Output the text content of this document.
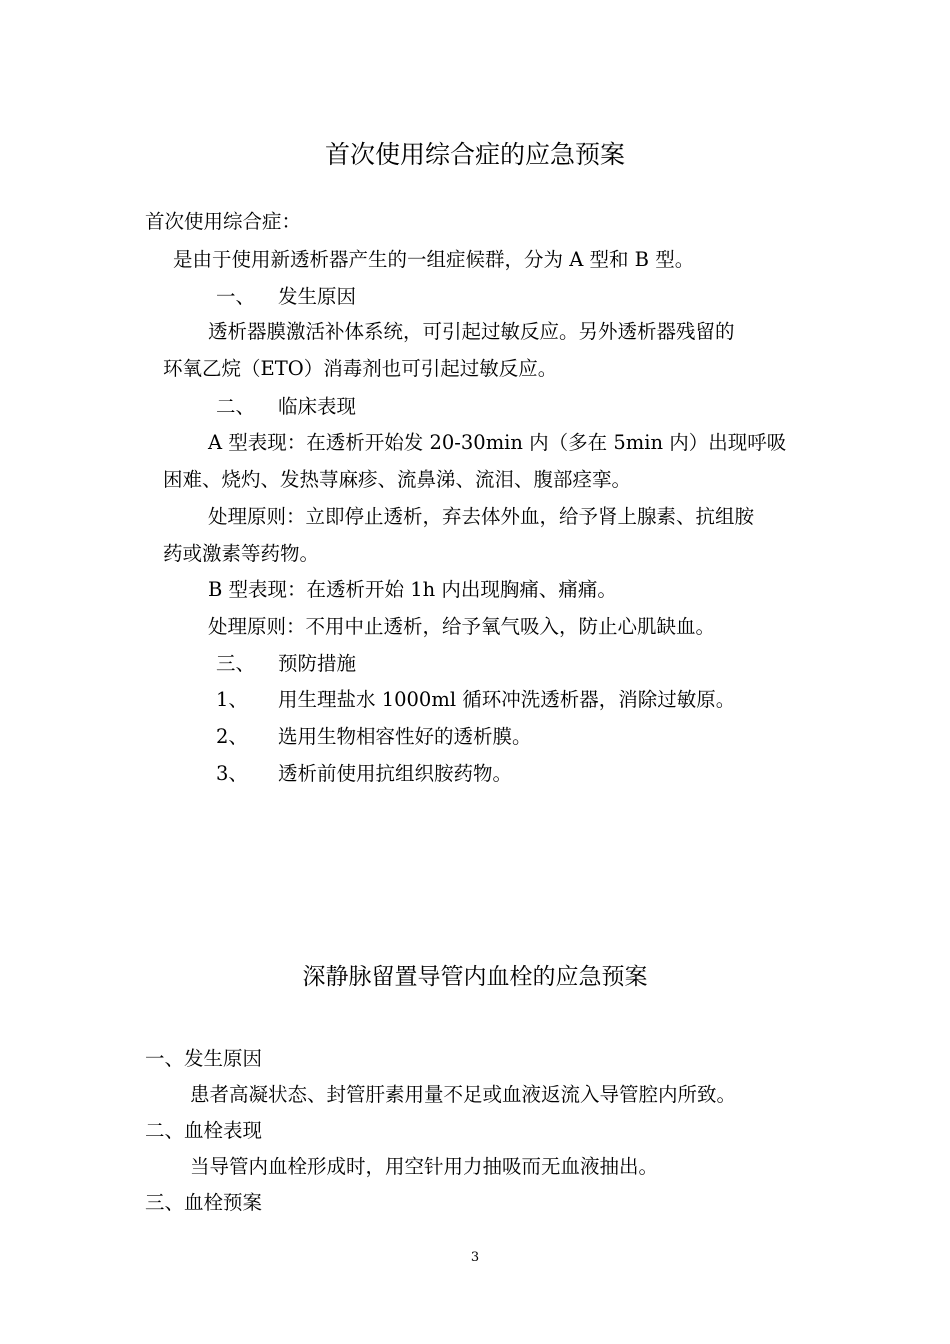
首次使用综合症的应急预案
首次使用综合症：
是由于使用新透析器产生的一组症候群，分为 A 型和 B 型。
一、 发生原因
透析器膜激活补体系统，可引起过敏反应。另外透析器残留的
环氧乙烷（ETO）消毒剂也可引起过敏反应。
二、 临床表现
A 型表现：在透析开始发 20-30min 内（多在 5min 内）出现呼吸
困难、烧灼、发热荨麻疹、流鼻涕、流泪、腹部痉挛。
处理原则：立即停止透析，弃去体外血，给予肾上腺素、抗组胺
药或激素等药物。
B 型表现：在透析开始 1h 内出现胸痛、痛痛。
处理原则：不用中止透析，给予氧气吸入，防止心肌缺血。
三、 预防措施
1、 用生理盐水 1000ml 循环冲洗透析器，消除过敏原。
2、 选用生物相容性好的透析膜。
3、 透析前使用抗组织胺药物。
深静脉留置导管内血栓的应急预案
一、发生原因
患者高凝状态、封管肝素用量不足或血液返流入导管腔内所致。
二、血栓表现
当导管内血栓形成时，用空针用力抽吸而无血液抽出。
三、血栓预案
3
